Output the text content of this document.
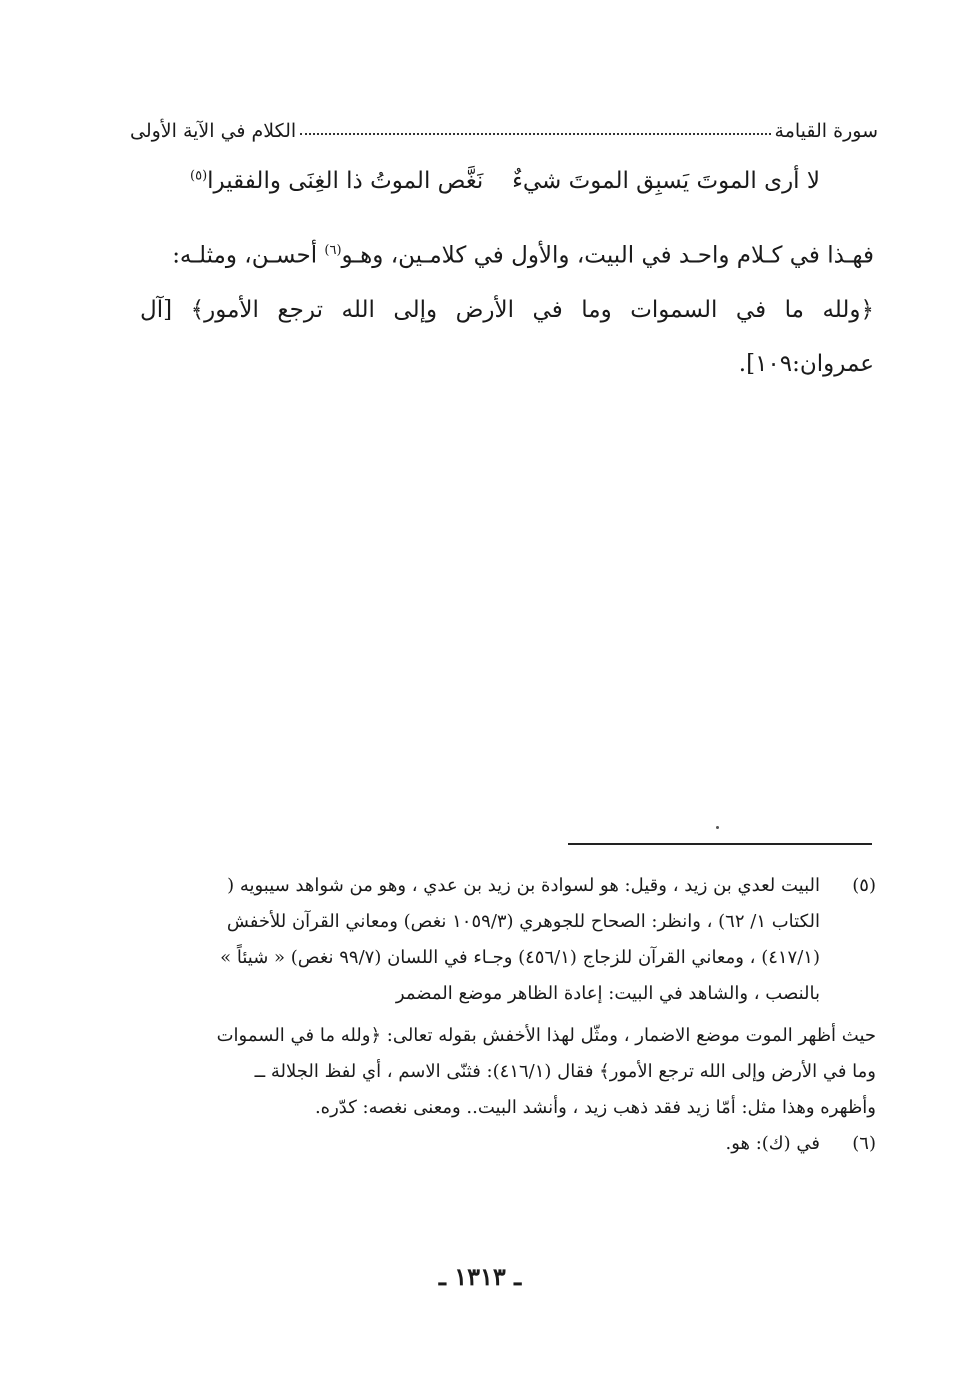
سورة القيامة
الكلام في الآية الأولى
لا أرى الموتَ يَسبِق الموتَ شيءٌ
نَغَّص الموتُ ذا الغِنَى والفقيرا$^{(٥)}$
فهـذا في كـلام واحـد في البيت، والأول في كلامـين، وهـو$^{(٦)}$ أحسـن، ومثلـه:
﴿ولله ما في السموات وما في الأرض وإلى الله ترجع الأمور﴾ [آل عمروان:١٠٩].
(٥)
البيت لعدي بن زيد ، وقيل: هو لسوادة بن زيد بن عدي ، وهو من شواهد سيبويه (
الكتاب ١/ ٦٢) ، وانظر: الصحاح للجوهري (١٠٥٩/٣ نغص) ومعاني القرآن للأخفش
(٤١٧/١) ، ومعاني القرآن للزجاج (٤٥٦/١) وجـاء في اللسان (٩٩/٧ نغص) « شيئاً »
بالنصب ، والشاهد في البيت: إعادة الظاهر موضع المضمر
حيث أظهر الموت موضع الاضمار ، ومثّل لهذا الأخفش بقوله تعالى: ﴿ولله ما في السموات
وما في الأرض وإلى الله ترجع الأمور﴾ فقال (٤١٦/١): فثنّى الاسم ، أي لفظ الجلالة ــ
وأظهره وهذا مثل: أمّا زيد فقد ذهب زيد ، وأنشد البيت.. ومعنى نغصه: كدّره.
(٦)
في (ك): هو.
ـ ١٣١٣ ـ
